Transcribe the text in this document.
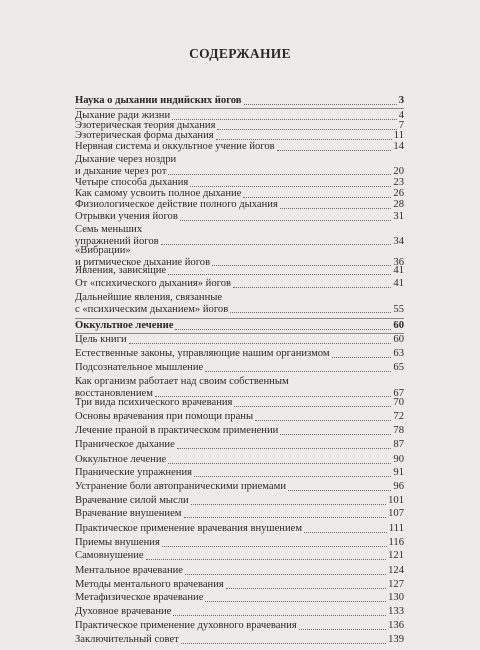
СОДЕРЖАНИЕ
Наука о дыхании индийских йогов	3
Дыхание ради жизни	4
Эзотерическая теория дыхания	7
Эзотерическая форма дыхания	11
Нервная система и оккультное учение йогов	14
Дыхание через ноздри
и дыхание через рот	20
Четыре способа дыхания	23
Как самому усвоить полное дыхание	26
Физиологическое действие полного дыхания	28
Отрывки учения йогов	31
Семь меньших
упражнений йогов	34
«Вибрации»
и ритмическое дыхание йогов	36
Явления, зависящие	41
От «психического дыхания» йогов	41
Дальнейшие явления, связанные
с «психическим дыханием» йогов	55
Оккультное лечение	60
Цель книги	60
Естественные законы, управляющие нашим организмом	63
Подсознательное мышление	65
Как организм работает над своим собственным
восстановлением	67
Три вида психического врачевания	70
Основы врачевания при помощи праны	72
Лечение праной в практическом применении	78
Праническое дыхание	87
Оккультное лечение	90
Пранические упражнения	91
Устранение боли автопраническими приемами	96
Врачевание силой мысли	101
Врачевание внушением	107
Практическое применение врачевания внушением	111
Приемы внушения	116
Самовнушение	121
Ментальное врачевание	124
Методы ментального врачевания	127
Метафизическое врачевание	130
Духовное врачевание	133
Практическое применение духовного врачевания	136
Заключительный совет	139
